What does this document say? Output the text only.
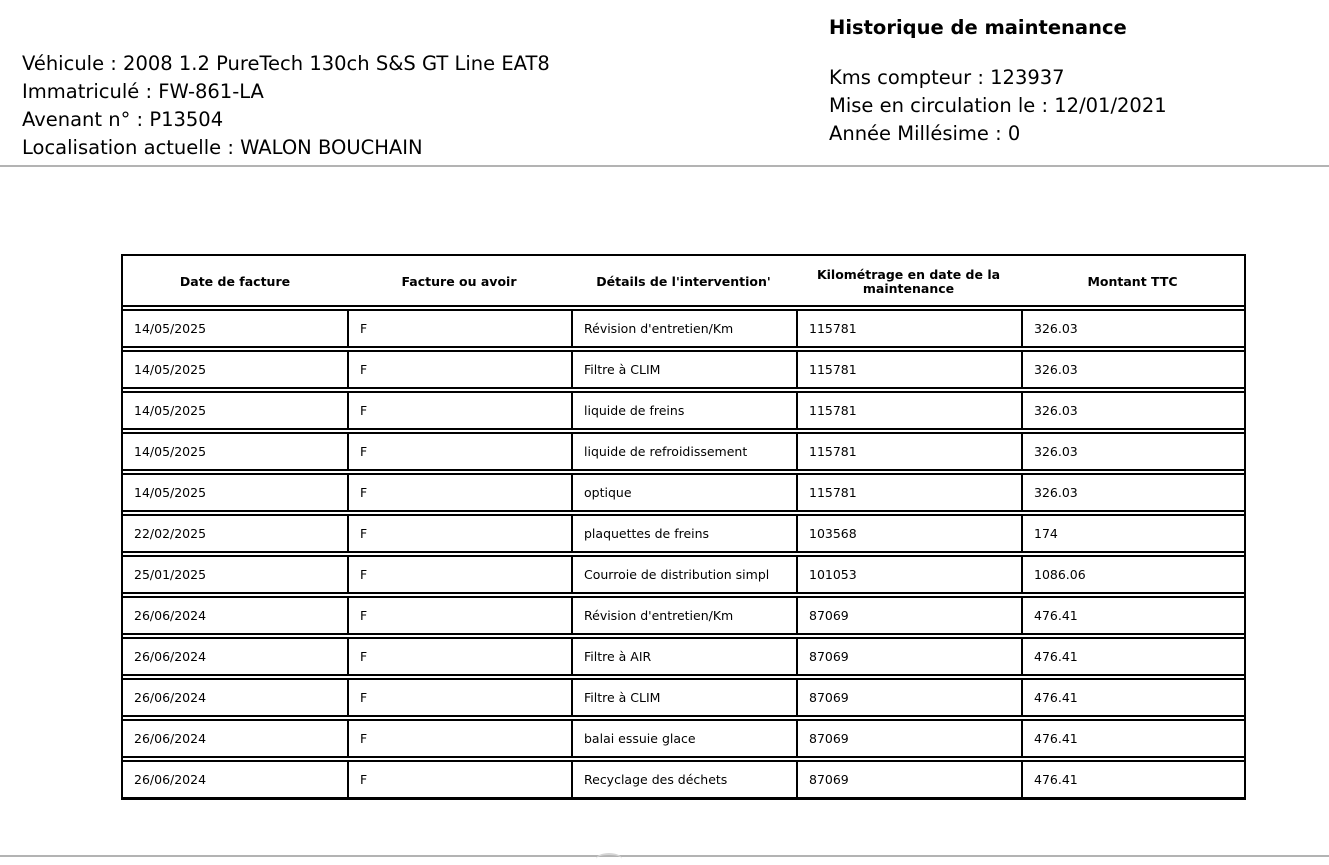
Véhicule : 2008 1.2 PureTech 130ch S&S GT Line EAT8
Immatriculé : FW-861-LA
Avenant n° : P13504
Localisation actuelle : WALON BOUCHAIN
Historique de maintenance
Kms compteur : 123937
Mise en circulation le : 12/01/2021
Année Millésime : 0
Date de facture	Facture ou avoir	Détails de l'intervention'	Kilométrage en date de la maintenance	Montant TTC
14/05/2025	F	Révision d'entretien/Km	115781	326.03
14/05/2025	F	Filtre à CLIM	115781	326.03
14/05/2025	F	liquide de freins	115781	326.03
14/05/2025	F	liquide de refroidissement	115781	326.03
14/05/2025	F	optique	115781	326.03
22/02/2025	F	plaquettes de freins	103568	174
25/01/2025	F	Courroie de distribution simpl	101053	1086.06
26/06/2024	F	Révision d'entretien/Km	87069	476.41
26/06/2024	F	Filtre à AIR	87069	476.41
26/06/2024	F	Filtre à CLIM	87069	476.41
26/06/2024	F	balai essuie glace	87069	476.41
26/06/2024	F	Recyclage des déchets	87069	476.41
